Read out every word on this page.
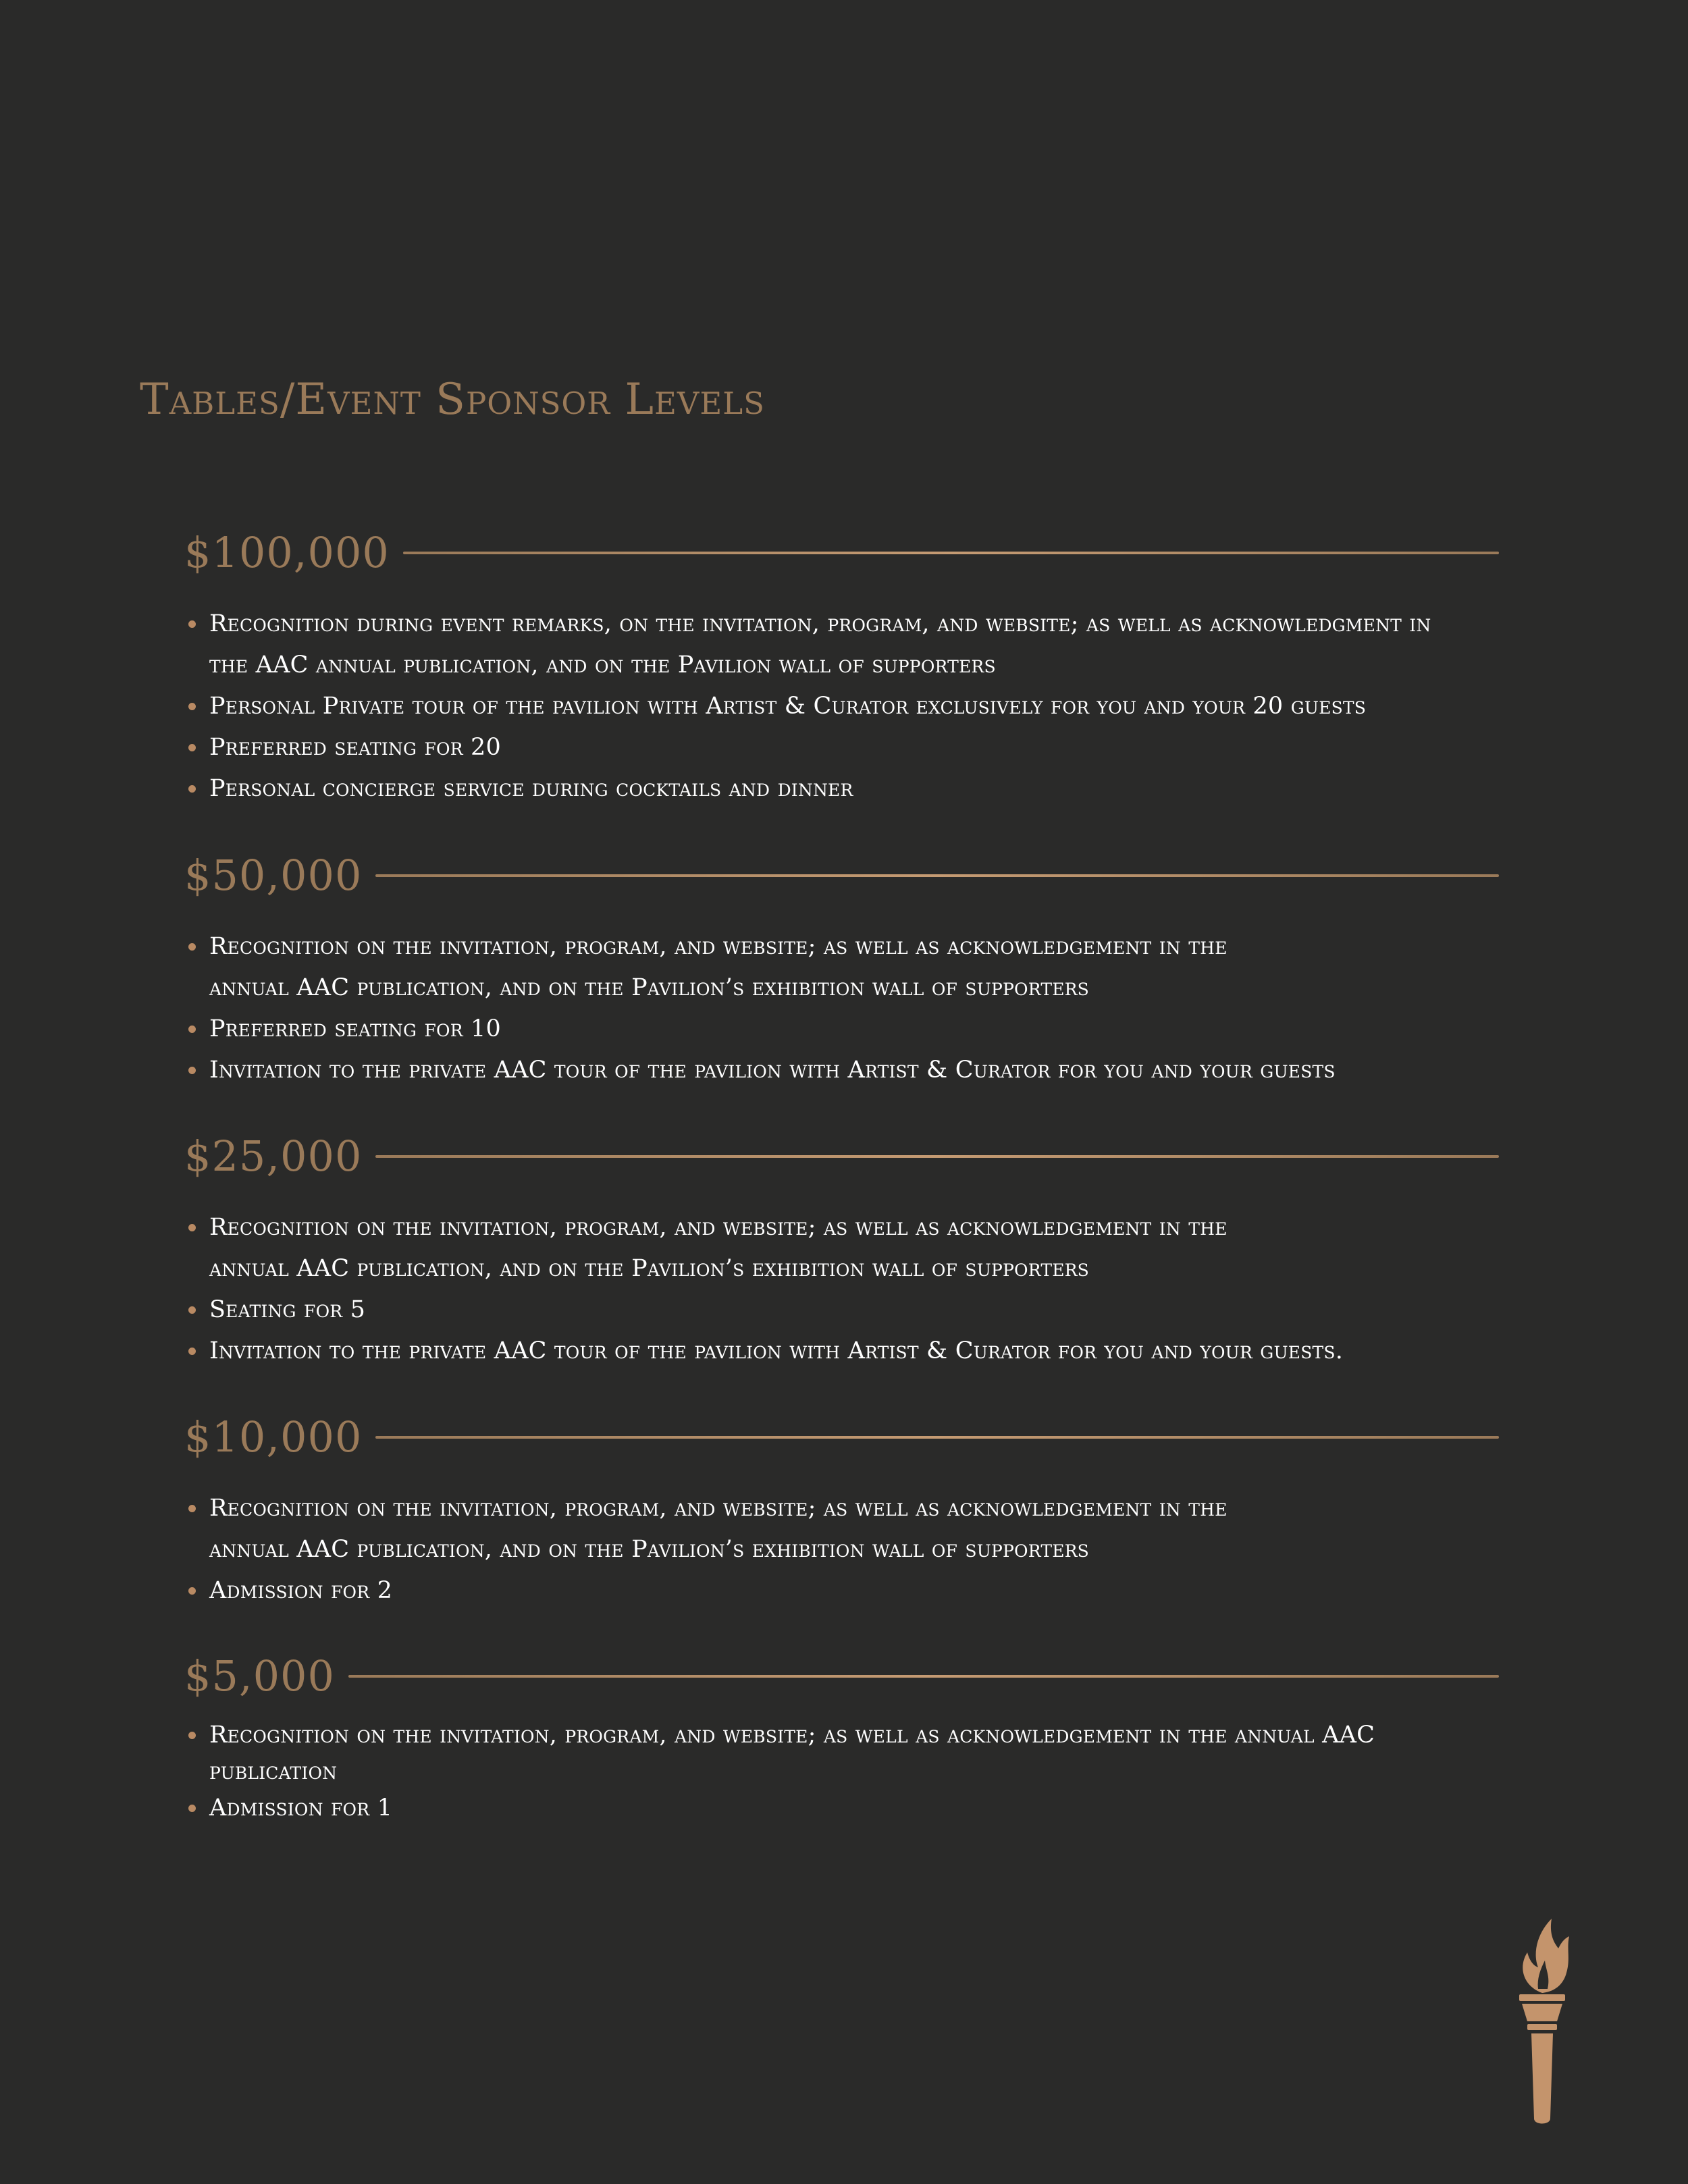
Tables/Event Sponsor Levels
$100,000
Recognition during event remarks, on the invitation, program, and website; as well as acknowledgment in the AAC annual publication, and on the Pavilion wall of supporters
Personal Private tour of the pavilion with Artist & Curator exclusively for you and your 20 guests
Preferred seating for 20
Personal concierge service during cocktails and dinner
$50,000
Recognition on the invitation, program, and website; as well as acknowledgement in the annual AAC publication, and on the Pavilion’s exhibition wall of supporters
Preferred seating for 10
Invitation to the private AAC tour of the pavilion with Artist & Curator for you and your guests
$25,000
Recognition on the invitation, program, and website; as well as acknowledgement in the annual AAC publication, and on the Pavilion’s exhibition wall of supporters
Seating for 5
Invitation to the private AAC tour of the pavilion with Artist & Curator for you and your guests.
$10,000
Recognition on the invitation, program, and website; as well as acknowledgement in the annual AAC publication, and on the Pavilion’s exhibition wall of supporters
Admission for 2
$5,000
Recognition on the invitation, program, and website; as well as acknowledgement in the annual AAC publication
Admission for 1
